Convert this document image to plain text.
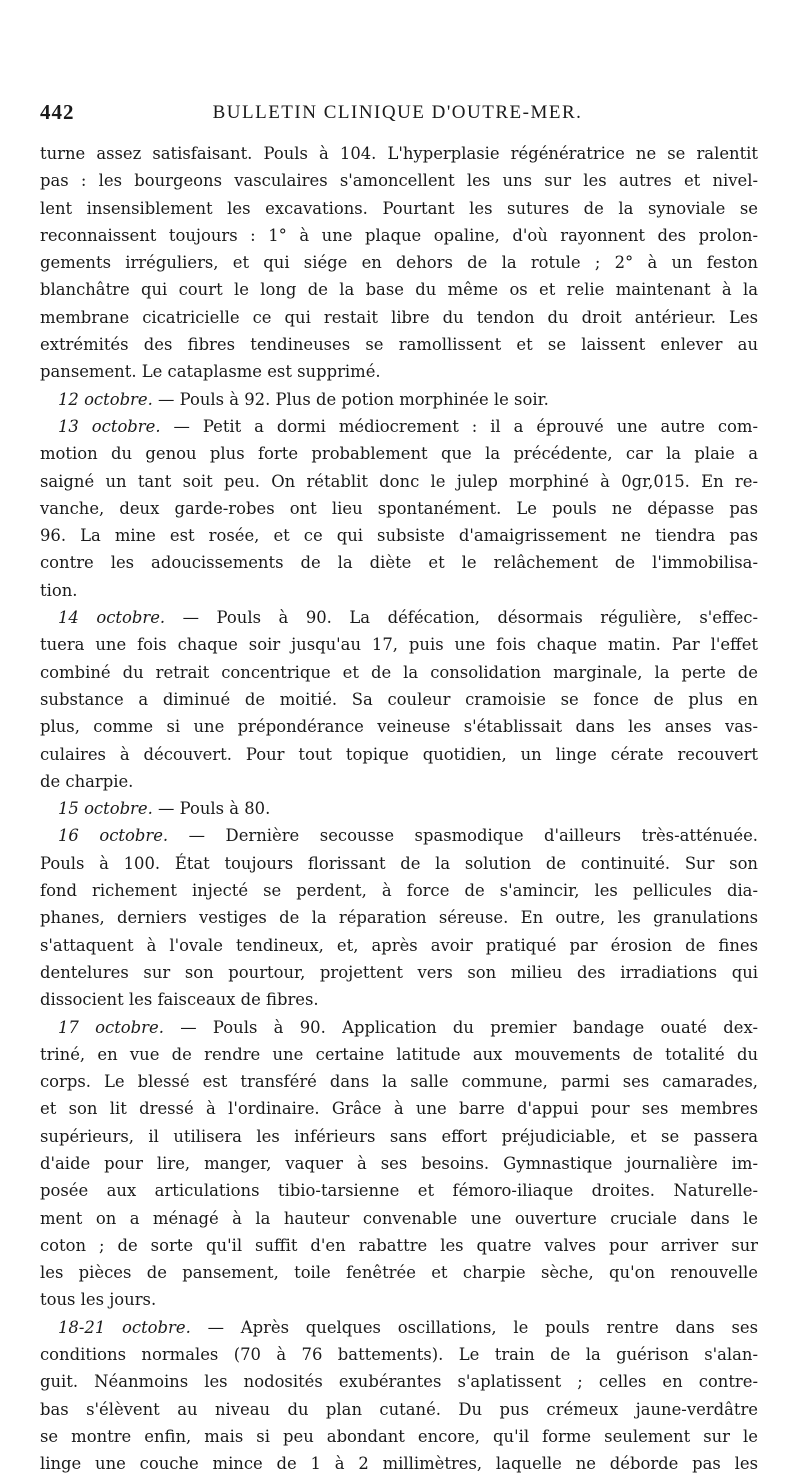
442	BULLETIN CLINIQUE D'OUTRE-MER.
turne assez satisfaisant. Pouls à 104. L'hyperplasie régénératrice ne se ralentit
pas : les bourgeons vasculaires s'amoncellent les uns sur les autres et nivel-
lent insensiblement les excavations. Pourtant les sutures de la synoviale se
reconnaissent toujours : 1° à une plaque opaline, d'où rayonnent des prolon-
gements irréguliers, et qui siége en dehors de la rotule ; 2° à un feston
blanchâtre qui court le long de la base du même os et relie maintenant à la
membrane cicatricielle ce qui restait libre du tendon du droit antérieur. Les
extrémités des fibres tendineuses se ramollissent et se laissent enlever au
pansement. Le cataplasme est supprimé.
12 octobre. — Pouls à 92. Plus de potion morphinée le soir.
13 octobre. — Petit a dormi médiocrement : il a éprouvé une autre com-
motion du genou plus forte probablement que la précédente, car la plaie a
saigné un tant soit peu. On rétablit donc le julep morphiné à 0gr,015. En re-
vanche, deux garde-robes ont lieu spontanément. Le pouls ne dépasse pas
96. La mine est rosée, et ce qui subsiste d'amaigrissement ne tiendra pas
contre les adoucissements de la diète et le relâchement de l'immobilisa-
tion.
14 octobre. — Pouls à 90. La défécation, désormais régulière, s'effec-
tuera une fois chaque soir jusqu'au 17, puis une fois chaque matin. Par l'effet
combiné du retrait concentrique et de la consolidation marginale, la perte de
substance a diminué de moitié. Sa couleur cramoisie se fonce de plus en
plus, comme si une prépondérance veineuse s'établissait dans les anses vas-
culaires à découvert. Pour tout topique quotidien, un linge cérate recouvert
de charpie.
15 octobre. — Pouls à 80.
16 octobre. — Dernière secousse spasmodique d'ailleurs très-atténuée.
Pouls à 100. État toujours florissant de la solution de continuité. Sur son
fond richement injecté se perdent, à force de s'amincir, les pellicules dia-
phanes, derniers vestiges de la réparation séreuse. En outre, les granulations
s'attaquent à l'ovale tendineux, et, après avoir pratiqué par érosion de fines
dentelures sur son pourtour, projettent vers son milieu des irradiations qui
dissocient les faisceaux de fibres.
17 octobre. — Pouls à 90. Application du premier bandage ouaté dex-
triné, en vue de rendre une certaine latitude aux mouvements de totalité du
corps. Le blessé est transféré dans la salle commune, parmi ses camarades,
et son lit dressé à l'ordinaire. Grâce à une barre d'appui pour ses membres
supérieurs, il utilisera les inférieurs sans effort préjudiciable, et se passera
d'aide pour lire, manger, vaquer à ses besoins. Gymnastique journalière im-
posée aux articulations tibio-tarsienne et fémoro-iliaque droites. Naturelle-
ment on a ménagé à la hauteur convenable une ouverture cruciale dans le
coton ; de sorte qu'il suffit d'en rabattre les quatre valves pour arriver sur
les pièces de pansement, toile fenêtrée et charpie sèche, qu'on renouvelle
tous les jours.
18-21 octobre. — Après quelques oscillations, le pouls rentre dans ses
conditions normales (70 à 76 battements). Le train de la guérison s'alan-
guit. Néanmoins les nodosités exubérantes s'aplatissent ; celles en contre-
bas s'élèvent au niveau du plan cutané. Du pus crémeux jaune-verdâtre
se montre enfin, mais si peu abondant encore, qu'il forme seulement sur le
linge une couche mince de 1 à 2 millimètres, laquelle ne déborde pas les
